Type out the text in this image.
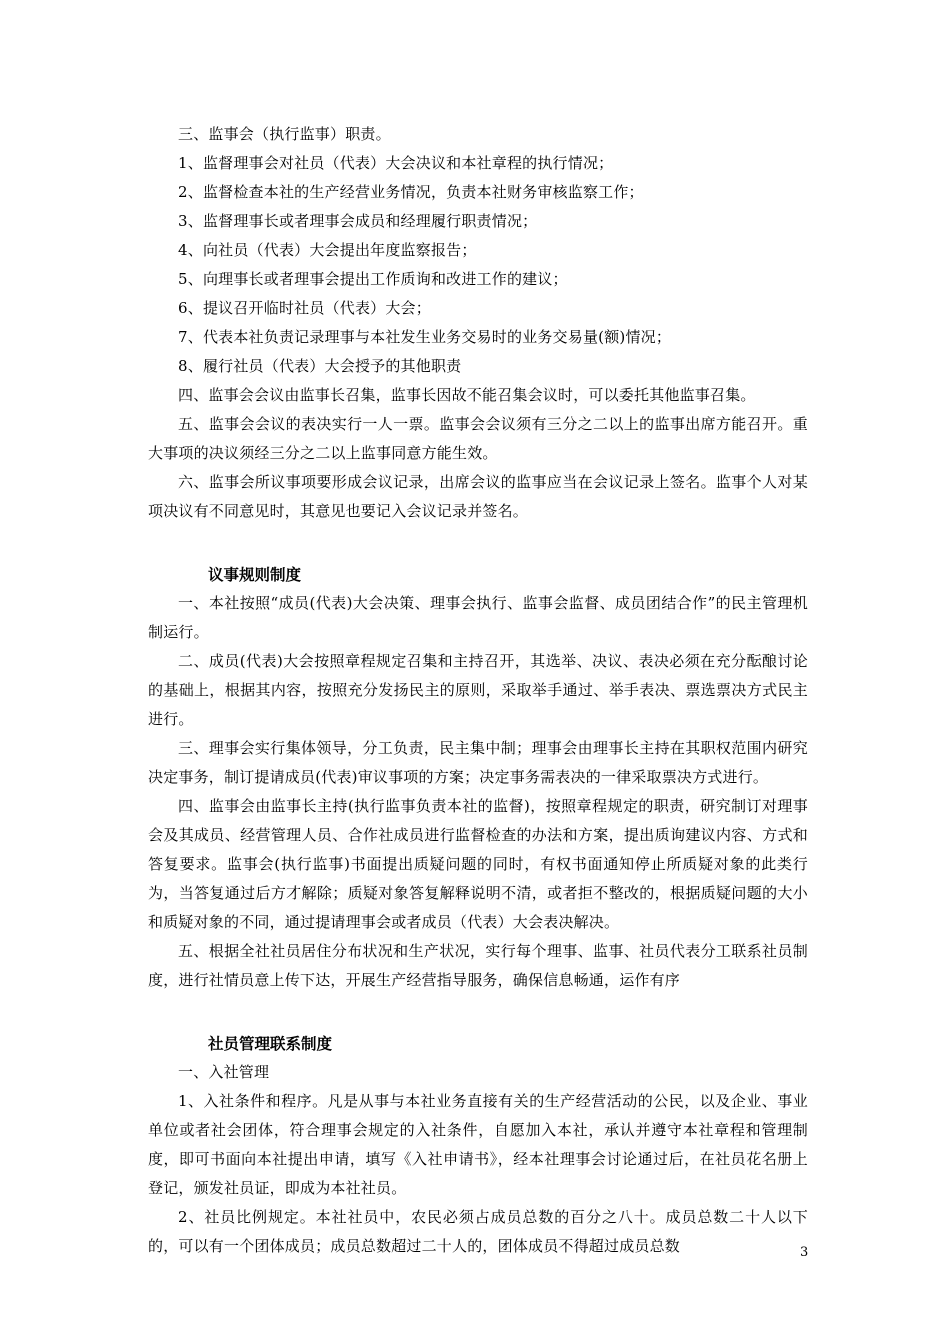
三、监事会（执行监事）职责。

1、监督理事会对社员（代表）大会决议和本社章程的执行情况；

2、监督检查本社的生产经营业务情况，负责本社财务审核监察工作；

3、监督理事长或者理事会成员和经理履行职责情况；

4、向社员（代表）大会提出年度监察报告；

5、向理事长或者理事会提出工作质询和改进工作的建议；

6、提议召开临时社员（代表）大会；

7、代表本社负责记录理事与本社发生业务交易时的业务交易量(额)情况；

8、履行社员（代表）大会授予的其他职责

四、监事会会议由监事长召集，监事长因故不能召集会议时，可以委托其他监事召集。

五、监事会会议的表决实行一人一票。监事会会议须有三分之二以上的监事出席方能召开。重大事项的决议须经三分之二以上监事同意方能生效。

六、监事会所议事项要形成会议记录，出席会议的监事应当在会议记录上签名。监事个人对某项决议有不同意见时，其意见也要记入会议记录并签名。

议事规则制度

一、本社按照“成员(代表)大会决策、理事会执行、监事会监督、成员团结合作”的民主管理机制运行。

二、成员(代表)大会按照章程规定召集和主持召开，其选举、决议、表决必须在充分酝酿讨论的基础上，根据其内容，按照充分发扬民主的原则，采取举手通过、举手表决、票选票决方式民主进行。

三、理事会实行集体领导，分工负责，民主集中制；理事会由理事长主持在其职权范围内研究决定事务，制订提请成员(代表)审议事项的方案；决定事务需表决的一律采取票决方式进行。

四、监事会由监事长主持(执行监事负责本社的监督)，按照章程规定的职责，研究制订对理事会及其成员、经营管理人员、合作社成员进行监督检查的办法和方案，提出质询建议内容、方式和答复要求。监事会(执行监事)书面提出质疑问题的同时，有权书面通知停止所质疑对象的此类行为，当答复通过后方才解除；质疑对象答复解释说明不清，或者拒不整改的，根据质疑问题的大小和质疑对象的不同，通过提请理事会或者成员（代表）大会表决解决。

五、根据全社社员居住分布状况和生产状况，实行每个理事、监事、社员代表分工联系社员制度，进行社情员意上传下达，开展生产经营指导服务，确保信息畅通，运作有序

社员管理联系制度

一、入社管理

1、入社条件和程序。凡是从事与本社业务直接有关的生产经营活动的公民，以及企业、事业单位或者社会团体，符合理事会规定的入社条件，自愿加入本社，承认并遵守本社章程和管理制度，即可书面向本社提出申请，填写《入社申请书》，经本社理事会讨论通过后，在社员花名册上登记，颁发社员证，即成为本社社员。

2、社员比例规定。本社社员中，农民必须占成员总数的百分之八十。成员总数二十人以下的，可以有一个团体成员；成员总数超过二十人的，团体成员不得超过成员总数	3
